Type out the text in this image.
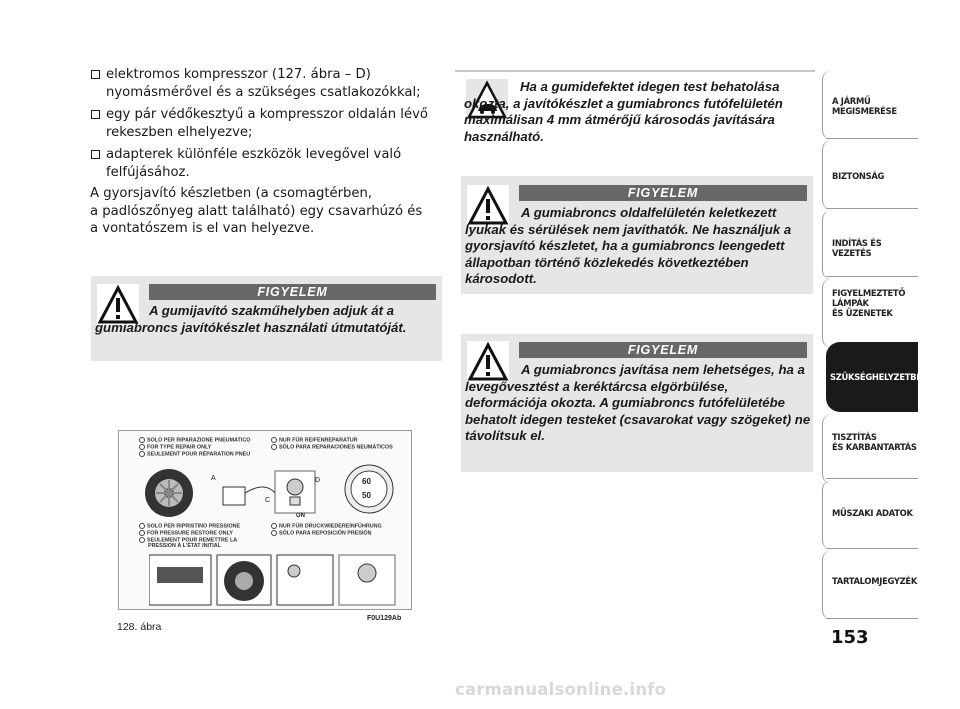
elektromos kompresszor (127. ábra – D) nyomásmérővel és a szükséges csatlakozókkal;

egy pár védőkesztyű a kompresszor oldalán lévő rekeszben elhelyezve;

adapterek különféle eszközök levegővel való felfújásához.

A gyorsjavító készletben (a csomagtérben,
a padlószőnyeg alatt található) egy csavarhúzó és
a vontatószem is el van helyezve.

FIGYELEM
A gumijavító szakműhelyben adjuk át a gumiabroncs javítókészlet használati útmutatóját.
Ha a gumidefektet idegen test behatolása okozta, a javítókészlet a gumiabroncs futófelületén maximálisan 4 mm átmérőjű károsodás javítására használható.
FIGYELEM
A gumiabroncs oldalfelületén keletkezett lyukak és sérülések nem javíthatók. Ne használjuk a gyorsjavító készletet, ha a gumiabroncs leengedett állapotban történő közlekedés következtében károsodott.
FIGYELEM
A gumiabroncs javítása nem lehetséges, ha a levegővesztést a keréktárcsa elgörbülése, deformációja okozta. A gumiabroncs futófelületébe behatolt idegen testeket (csavarokat vagy szögeket) ne távolítsuk el.
SOLO PER RIPARAZIONE PNEUMATICO
FOR TYPE REPAIR ONLY
SEULEMENT POUR RÉPARATION PNEU
NUR FÜR REIFENREPARATUR
SÓLO PARA REPARACIONES NEUMÁTICOS
B	A
C
D
ON
60
50
SOLO PER RIPRISTINO PRESSIONE
FOR PRESSURE RESTORE ONLY
SEULEMENT POUR REMETTRE LA
PRESSION À L'ÉTAT INITIAL
NUR FÜR DRUCKWIEDEREINFÜHRUNG
SÓLO PARA REPOSICIÓN PRESIÓN
128. ábra
F0U129Ab
A JÁRMŰ
MEGISMERÉSE
BIZTONSÁG
INDÍTÁS ÉS VEZETÉS
FIGYELMEZTETŐ
LÁMPÁK
ÉS ÜZENETEK
SZÜKSÉGHELYZETBEN
TISZTÍTÁS
ÉS KARBANTARTÁS
MŰSZAKI ADATOK
TARTALOMJEGYZÉK
153
carmanualsonline.info
